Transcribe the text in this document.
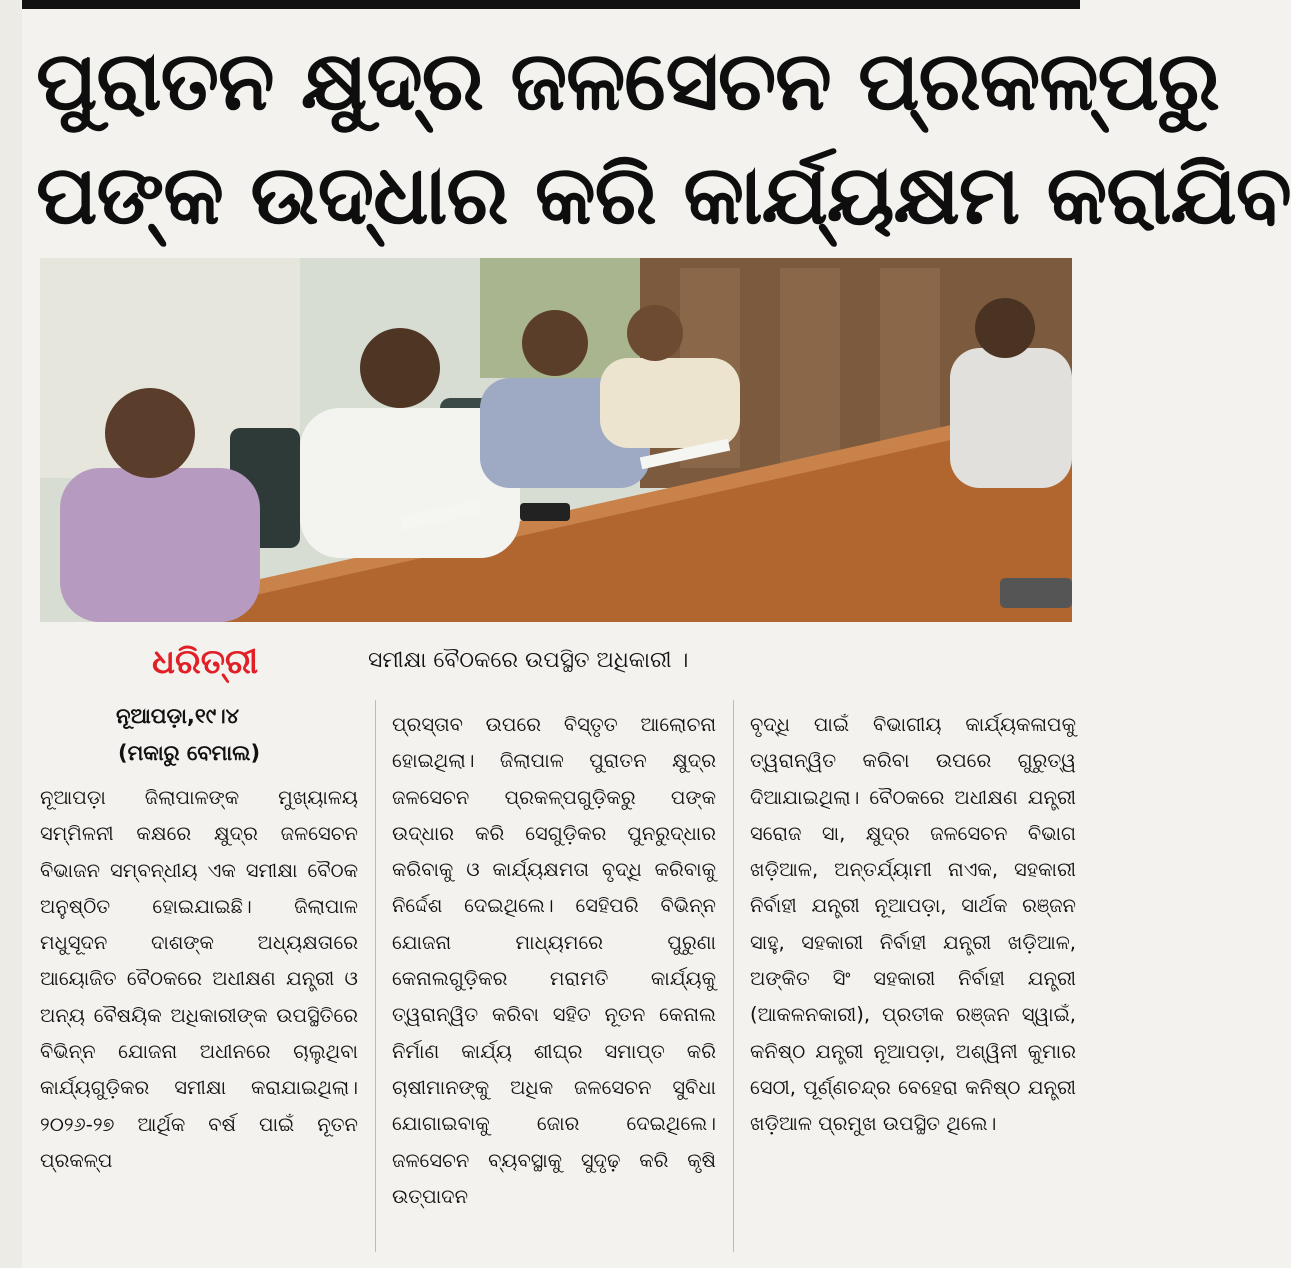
ପୁରାତନ କ୍ଷୁଦ୍ର ଜଳସେଚନ ପ୍ରକଳ୍ପରୁ
ପଙ୍କ ଉଦ୍ଧାର କରି କାର୍ଯ୍ୟକ୍ଷମ କରାଯିବ

ଧରିତ୍ରୀ	ସମୀକ୍ଷା ବୈଠକରେ ଉପସ୍ଥିତ ଅଧିକାରୀ ।
ନୂଆପଡ଼ା,୧୯।୪
(ମକାରୁ ବେମାଲ)

ନୂଆପଡ଼ା ଜିଲାପାଳଙ୍କ ମୁଖ୍ୟାଳୟ ସମ୍ମିଳନୀ କକ୍ଷରେ କ୍ଷୁଦ୍ର ଜଳସେଚନ ବିଭାଜନ ସମ୍ବନ୍ଧୀୟ ଏକ ସମୀକ୍ଷା ବୈଠକ ଅନୁଷ୍ଠିତ ହୋଇଯାଇଛି। ଜିଲାପାଳ ମଧୁସୂଦନ ଦାଶଙ୍କ ଅଧ୍ୟକ୍ଷତାରେ ଆୟୋଜିତ ବୈଠକରେ ଅଧୀକ୍ଷଣ ଯନ୍ତ୍ରୀ ଓ ଅନ୍ୟ ବୈଷୟିକ ଅଧିକାରୀଙ୍କ ଉପସ୍ଥିତିରେ ବିଭିନ୍ନ ଯୋଜନା ଅଧୀନରେ ଚାଲୁଥିବା କାର୍ଯ୍ୟଗୁଡ଼ିକର ସମୀକ୍ଷା କରାଯାଇଥିଲା। ୨୦୨୬-୨୭ ଆର୍ଥିକ ବର୍ଷ ପାଇଁ ନୂତନ ପ୍ରକଳ୍ପ

ପ୍ରସ୍ତାବ ଉପରେ ବିସ୍ତୃତ ଆଲୋଚନା ହୋଇଥିଲା। ଜିଲାପାଳ ପୁରାତନ କ୍ଷୁଦ୍ର ଜଳସେଚନ ପ୍ରକଳ୍ପଗୁଡ଼ିକରୁ ପଙ୍କ ଉଦ୍ଧାର କରି ସେଗୁଡ଼ିକର ପୁନରୁଦ୍ଧାର କରିବାକୁ ଓ କାର୍ଯ୍ୟକ୍ଷମତା ବୃଦ୍ଧି କରିବାକୁ ନିର୍ଦ୍ଦେଶ ଦେଇଥିଲେ। ସେହିପରି ବିଭିନ୍ନ ଯୋଜନା ମାଧ୍ୟମରେ ପୁରୁଣା କେନାଲଗୁଡ଼ିକର ମରାମତି କାର୍ଯ୍ୟକୁ ତ୍ୱରାନ୍ୱିତ କରିବା ସହିତ ନୂତନ କେନାଲ ନିର୍ମାଣ କାର୍ଯ୍ୟ ଶୀଘ୍ର ସମାପ୍ତ କରି ଚାଷୀମାନଙ୍କୁ ଅଧିକ ଜଳସେଚନ ସୁବିଧା ଯୋଗାଇବାକୁ ଜୋର ଦେଇଥିଲେ। ଜଳସେଚନ ବ୍ୟବସ୍ଥାକୁ ସୁଦୃଢ଼ କରି କୃଷି ଉତ୍ପାଦନ

ବୃଦ୍ଧି ପାଇଁ ବିଭାଗୀୟ କାର୍ଯ୍ୟକଳାପକୁ ତ୍ୱରାନ୍ୱିତ କରିବା ଉପରେ ଗୁରୁତ୍ୱ ଦିଆଯାଇଥିଲା। ବୈଠକରେ ଅଧୀକ୍ଷଣ ଯନ୍ତ୍ରୀ ସରୋଜ ସା, କ୍ଷୁଦ୍ର ଜଳସେଚନ ବିଭାଗ ଖଡ଼ିଆଳ, ଅନ୍ତର୍ଯ୍ୟାମୀ ନାଏକ, ସହକାରୀ ନିର୍ବାହୀ ଯନ୍ତ୍ରୀ ନୂଆପଡ଼ା, ସାର୍ଥକ ରଞ୍ଜନ ସାହୁ, ସହକାରୀ ନିର୍ବାହୀ ଯନ୍ତ୍ରୀ ଖଡ଼ିଆଳ, ଅଙ୍କିତ ସିଂ ସହକାରୀ ନିର୍ବାହୀ ଯନ୍ତ୍ରୀ (ଆକଳନକାରୀ), ପ୍ରତୀକ ରଞ୍ଜନ ସ୍ୱାଇଁ, କନିଷ୍ଠ ଯନ୍ତ୍ରୀ ନୂଆପଡ଼ା, ଅଶ୍ୱିନୀ କୁମାର ସେଠୀ, ପୂର୍ଣ୍ଣଚନ୍ଦ୍ର ବେହେରା କନିଷ୍ଠ ଯନ୍ତ୍ରୀ ଖଡ଼ିଆଳ ପ୍ରମୁଖ ଉପସ୍ଥିତ ଥିଲେ।
